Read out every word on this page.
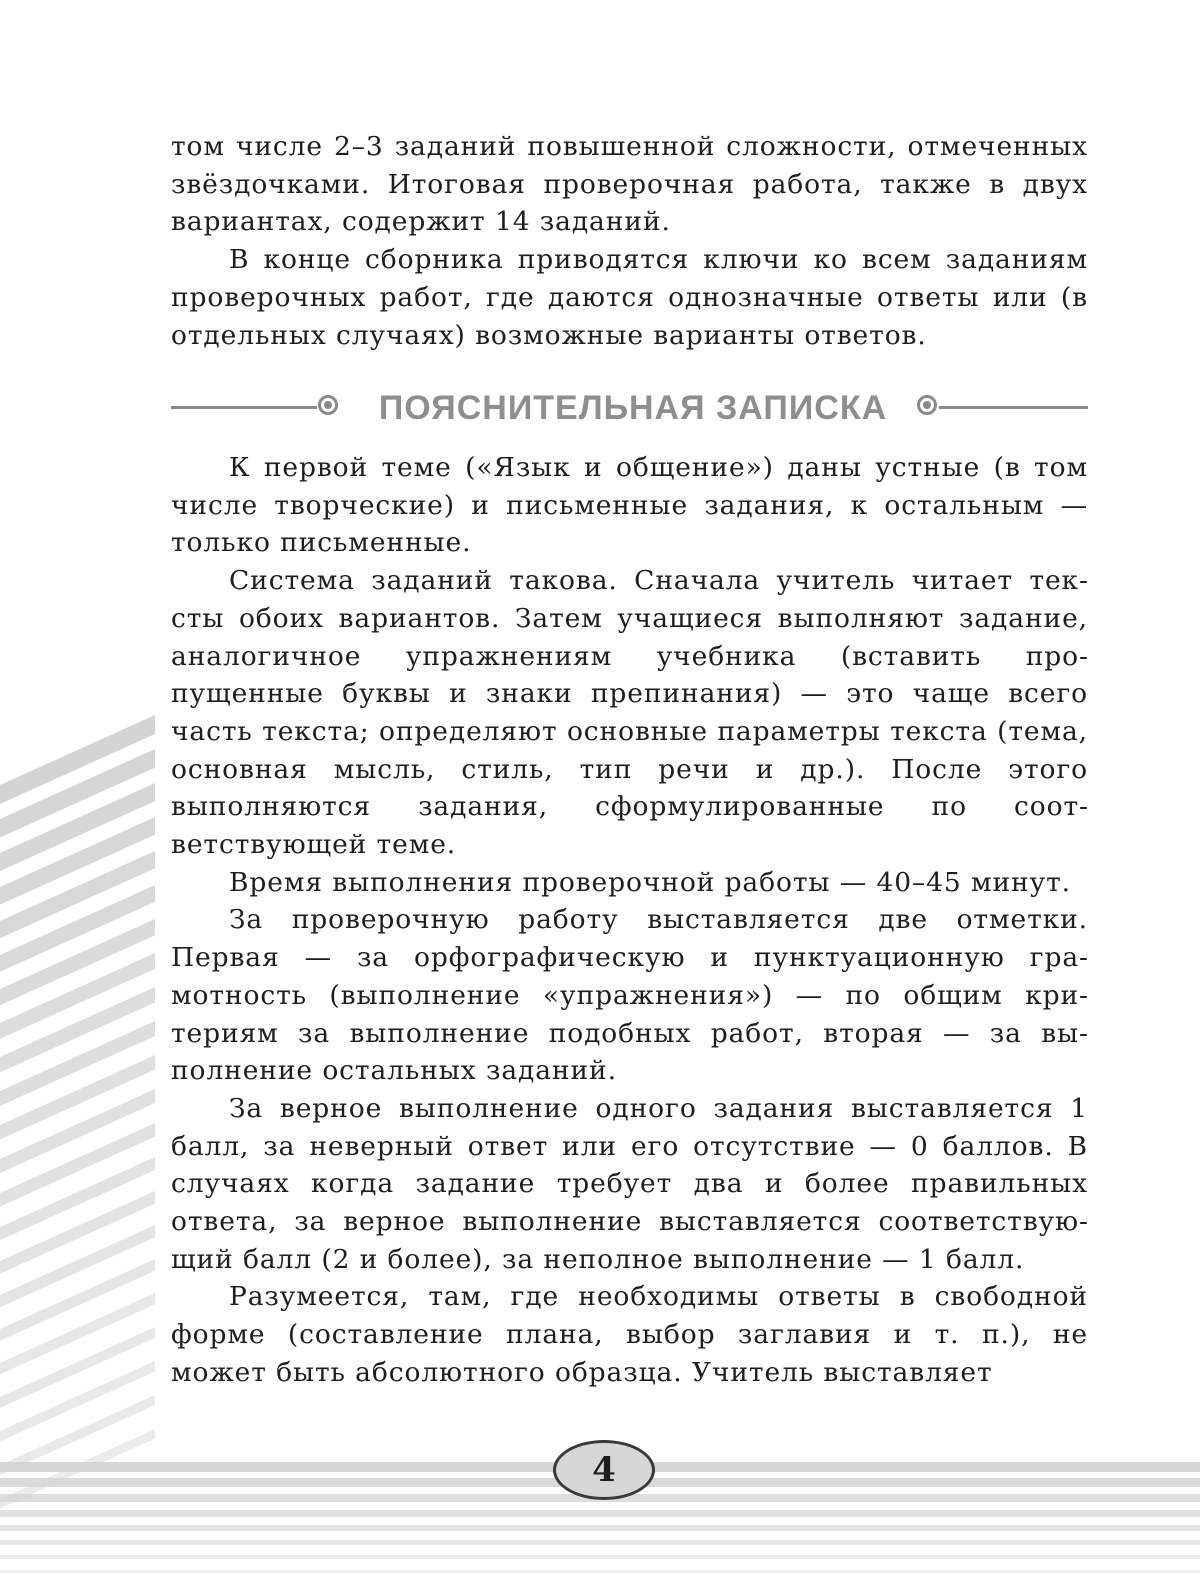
том числе 2–3 заданий повышенной сложности, отмеченных звёздочками. Итоговая проверочная работа, также в двух вариантах, содержит 14 заданий.

В конце сборника приводятся ключи ко всем заданиям проверочных работ, где даются однозначные ответы или (в отдельных случаях) возможные варианты ответов.

ПОЯСНИТЕЛЬНАЯ ЗАПИСКА

К первой теме («Язык и общение») даны устные (в том числе творческие) и письменные задания, к остальным — только письменные.

Система заданий такова. Сначала учитель читает тексты обоих вариантов. Затем учащиеся выполняют задание, аналогичное упражнениям учебника (вставить пропущенные буквы и знаки препинания) — это чаще всего часть текста; определяют основные параметры текста (тема, основная мысль, стиль, тип речи и др.). После этого выполняются задания, сформулированные по соответствующей теме.

Время выполнения проверочной работы — 40–45 минут.

За проверочную работу выставляется две отметки. Первая — за орфографическую и пунктуационную грамотность (выполнение «упражнения») — по общим критериям за выполнение подобных работ, вторая — за выполнение остальных заданий.

За верное выполнение одного задания выставляется 1 балл, за неверный ответ или его отсутствие — 0 баллов. В случаях когда задание требует два и более правильных ответа, за верное выполнение выставляется соответствующий балл (2 и более), за неполное выполнение — 1 балл.

Разумеется, там, где необходимы ответы в свободной форме (составление плана, выбор заглавия и т. п.), не может быть абсолютного образца. Учитель выставляет

4
